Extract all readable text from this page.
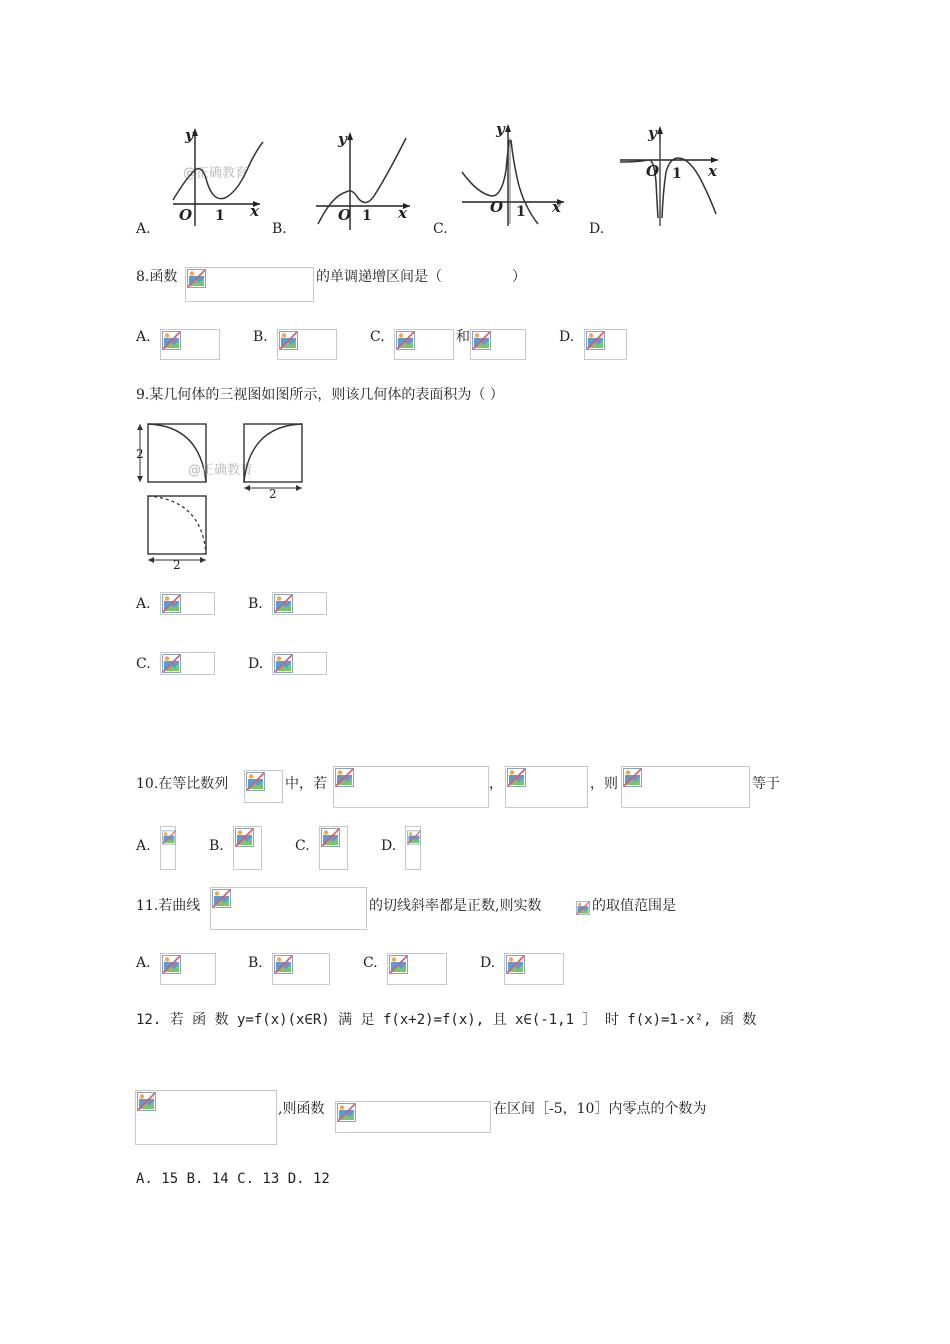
@正确教育
y
x
O 1
A.
y
x
O 1
B.
y
x
O 1
C.
y
x
O 1
D.
8.函数	的单调递增区间是（	）
A.	B.	C.	和	D.
9.某几何体的三视图如图所示，则该几何体的表面积为（ ）
2
@正确教育
2
2
A.	B.
C.	D.
10.在等比数列	中，若	，	，则	等于
A.	B.	C.	D.
11.若曲线	的切线斜率都是正数,则实数	的取值范围是
A.	B.	C.	D.
12. 若 函 数 y=f(x)(x∈R) 满 足 f(x+2)=f(x), 且 x∈(-1,1 ］ 时 f(x)=1-x², 函 数
,则函数	在区间［-5，10］内零点的个数为
A. 15 B. 14 C. 13 D. 12
